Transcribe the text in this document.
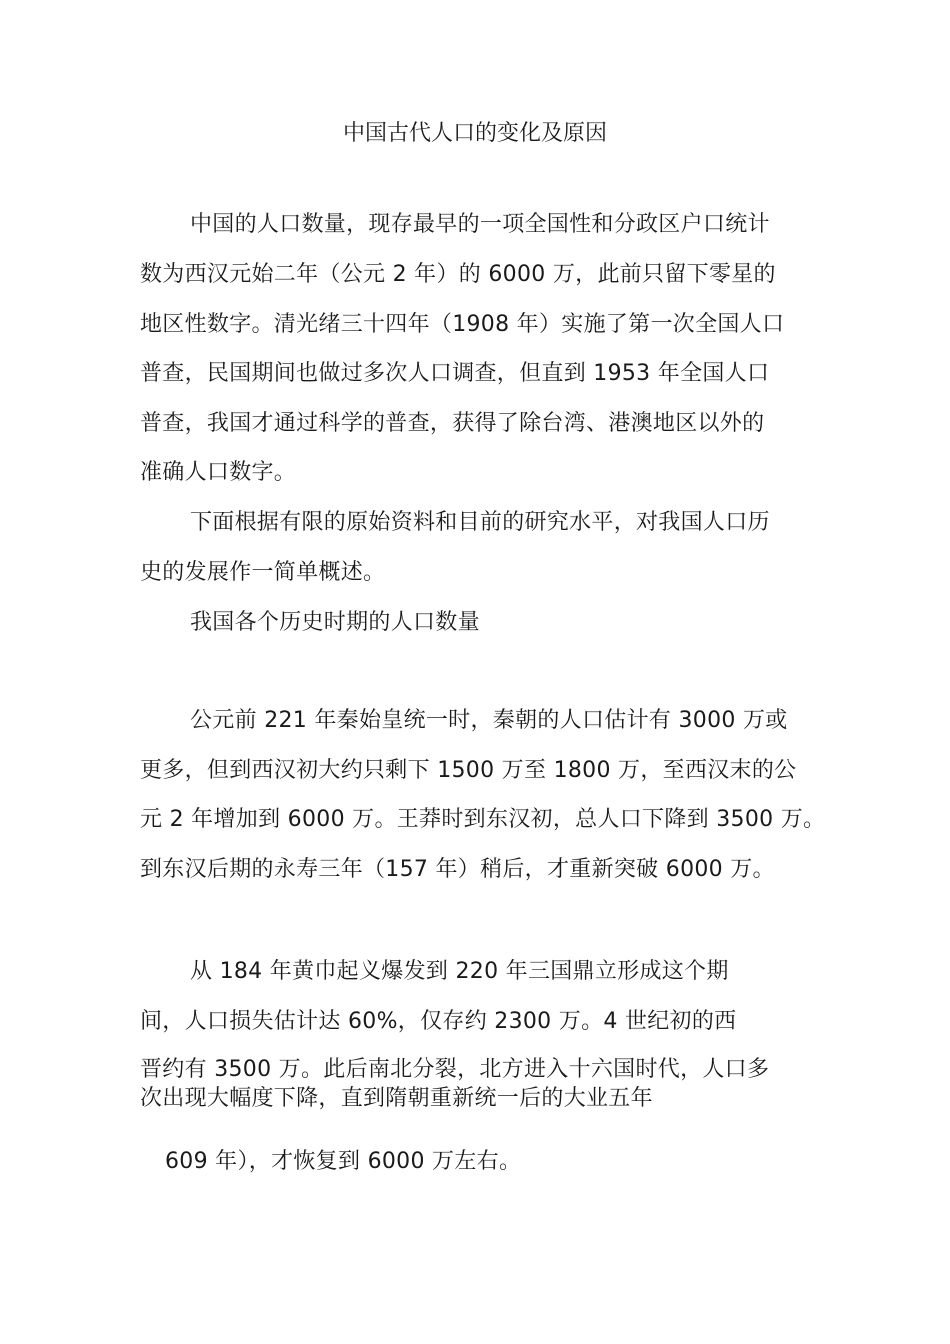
中国古代人口的变化及原因
中国的人口数量，现存最早的一项全国性和分政区户口统计
数为西汉元始二年（公元 2 年）的 6000 万，此前只留下零星的
地区性数字。清光绪三十四年（1908 年）实施了第一次全国人口
普查，民国期间也做过多次人口调查，但直到 1953 年全国人口
普查，我国才通过科学的普查，获得了除台湾、港澳地区以外的
准确人口数字。
下面根据有限的原始资料和目前的研究水平，对我国人口历
史的发展作一简单概述。
我国各个历史时期的人口数量
公元前 221 年秦始皇统一时，秦朝的人口估计有 3000 万或
更多，但到西汉初大约只剩下 1500 万至 1800 万，至西汉末的公
元 2 年增加到 6000 万。王莽时到东汉初，总人口下降到 3500 万。
到东汉后期的永寿三年（157 年）稍后，才重新突破 6000 万。
从 184 年黄巾起义爆发到 220 年三国鼎立形成这个期
间，人口损失估计达 60%，仅存约 2300 万。4 世纪初的西
晋约有 3500 万。此后南北分裂，北方进入十六国时代，人口多
次出现大幅度下降，直到隋朝重新统一后的大业五年
609 年），才恢复到 6000 万左右。
